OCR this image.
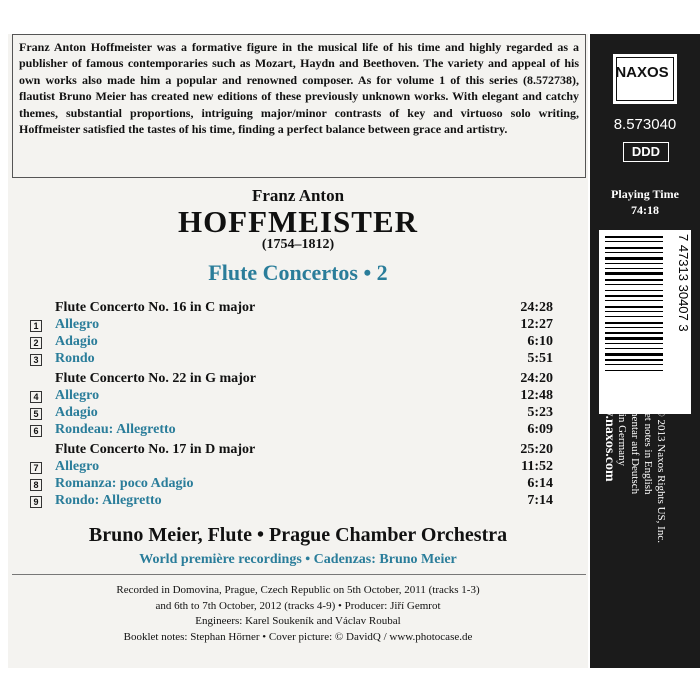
Franz Anton Hoffmeister was a formative figure in the musical life of his time and highly regarded as a publisher of famous contemporaries such as Mozart, Haydn and Beethoven. The variety and appeal of his own works also made him a popular and renowned composer. As for volume 1 of this series (8.572738), flautist Bruno Meier has created new editions of these previously unknown works. With elegant and catchy themes, substantial proportions, intriguing major/minor contrasts of key and virtuoso solo writing, Hoffmeister satisfied the tastes of his time, finding a perfect balance between grace and artistry.
Franz Anton
HOFFMEISTER
(1754–1812)
Flute Concertos • 2
Flute Concerto No. 16 in C major	24:28
1 Allegro	12:27
2 Adagio	6:10
3 Rondo	5:51
Flute Concerto No. 22 in G major	24:20
4 Allegro	12:48
5 Adagio	5:23
6 Rondeau: Allegretto	6:09
Flute Concerto No. 17 in D major	25:20
7 Allegro	11:52
8 Romanza: poco Adagio	6:14
9 Rondo: Allegretto	7:14
Bruno Meier, Flute • Prague Chamber Orchestra
World première recordings • Cadenzas: Bruno Meier
Recorded in Domovina, Prague, Czech Republic on 5th October, 2011 (tracks 1-3)
and 6th to 7th October, 2012 (tracks 4-9) • Producer: Jiří Gemrot
Engineers: Karel Soukeník and Václav Roubal
Booklet notes: Stephan Hörner • Cover picture: © DavidQ / www.photocase.de
NAXOS
8.573040
DDD
Playing Time
74:18
7 47313 30407 3
www.naxos.com	℗ & © 2013 Naxos Rights US, Inc.
Booklet notes in English
Kommentar auf Deutsch
Made in Germany
